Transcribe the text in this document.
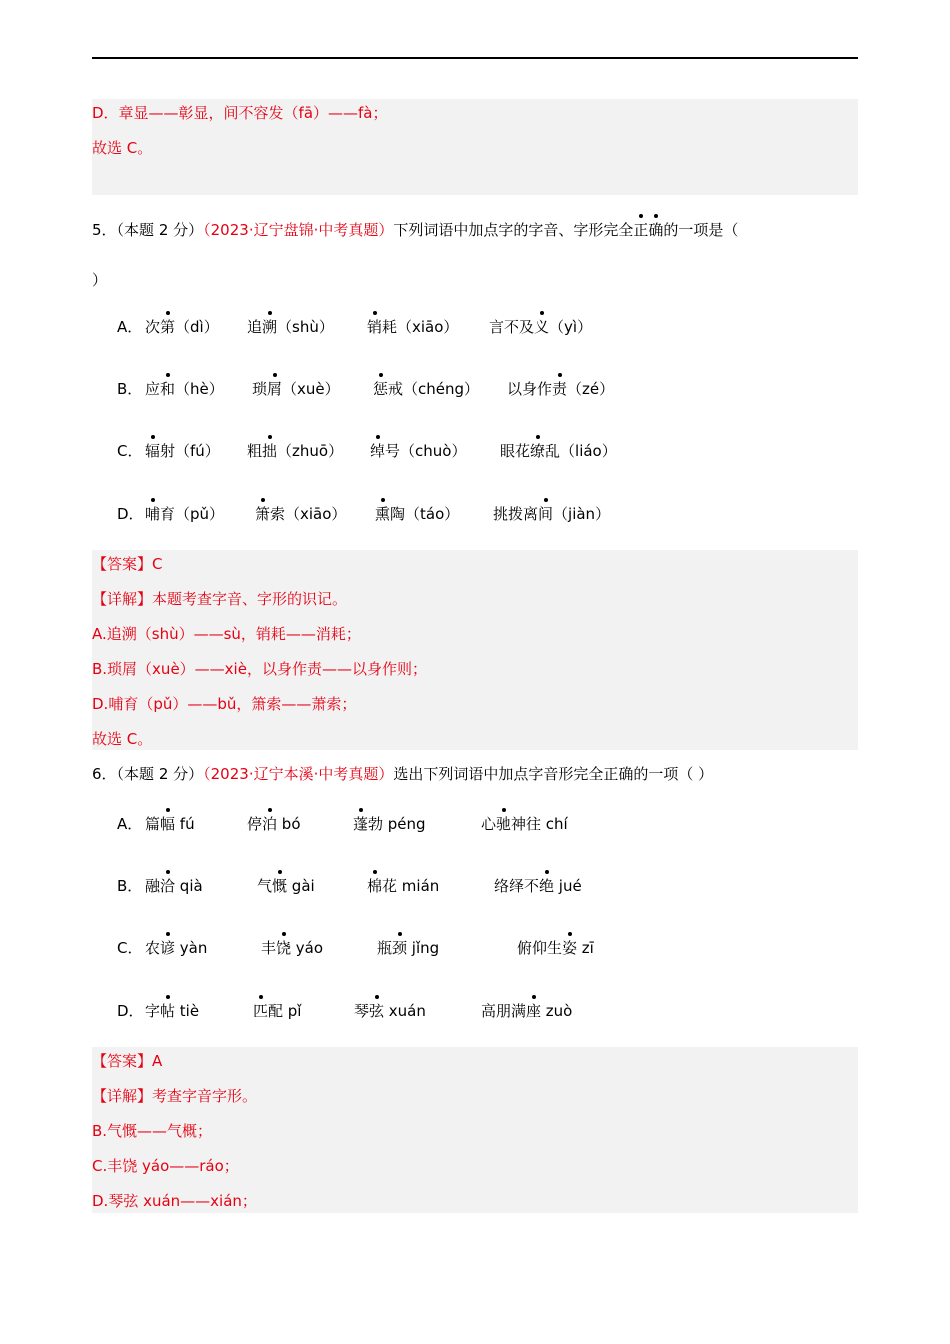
D．章显——彰显，间不容发（fā）——fà；
故选 C。
5．（本题 2 分）（2023·辽宁盘锦·中考真题）下列词语中加点字的字音、字形完全正确的一项是（
）
A． 次第（dì） 追溯（shù） 销耗（xiāo） 言不及义（yì）
B． 应和（hè） 琐屑（xuè） 惩戒（chéng） 以身作责（zé）
C． 辐射（fú） 粗拙（zhuō） 绰号（chuò） 眼花缭乱（liáo）
D． 哺育（pǔ） 箫索（xiāo） 熏陶（táo） 挑拨离间（jiàn）
【答案】C
【详解】本题考查字音、字形的识记。
A.追溯（shù）——sù，销耗——消耗；
B.琐屑（xuè）——xiè，以身作责——以身作则；
D.哺育（pǔ）——bǔ，箫索——萧索；
故选 C。
6．（本题 2 分）（2023·辽宁本溪·中考真题）选出下列词语中加点字音形完全正确的一项（ ）
A． 篇幅 fú	停泊 bó	蓬勃 péng	心驰神往 chí
B． 融洽 qià	气慨 gài	棉花 mián	络绎不绝 jué
C． 农谚 yàn	丰饶 yáo	瓶颈 jǐng	俯仰生姿 zī
D． 字帖 tiè	匹配 pǐ	琴弦 xuán	高朋满座 zuò
【答案】A
【详解】考查字音字形。
B.气慨——气概；
C.丰饶 yáo——ráo；
D.琴弦 xuán——xián；
